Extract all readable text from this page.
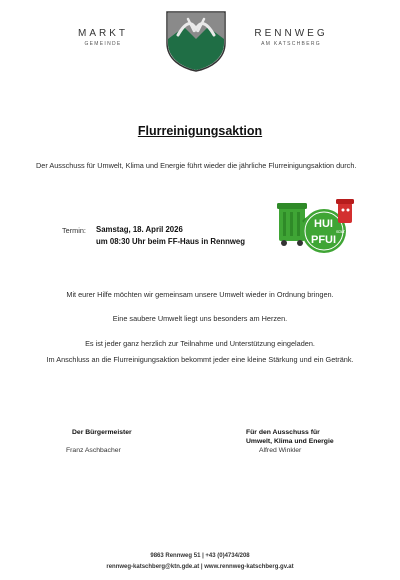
MARKT
GEMEINDE
RENNWEG
AM KATSCHBERG
Flurreinigungsaktion
Der Ausschuss für Umwelt, Klima und Energie führt wieder die jährliche Flurreinigungsaktion durch.
Termin: Samstag, 18. April 2026
um 08:30 Uhr beim FF-Haus in Rennweg
HUI
statt
PFUI
Mit eurer Hilfe möchten wir gemeinsam unsere Umwelt wieder in Ordnung bringen.
Eine saubere Umwelt liegt uns besonders am Herzen.
Es ist jeder ganz herzlich zur Teilnahme und Unterstützung eingeladen.
Im Anschluss an die Flurreinigungsaktion bekommt jeder eine kleine Stärkung und ein Getränk.
Der Bürgermeister
Franz Aschbacher
Für den Ausschuss für
Umwelt, Klima und Energie
Alfred Winkler
9863 Rennweg 51 | +43 (0)4734/208
rennweg-katschberg@ktn.gde.at | www.rennweg-katschberg.gv.at
